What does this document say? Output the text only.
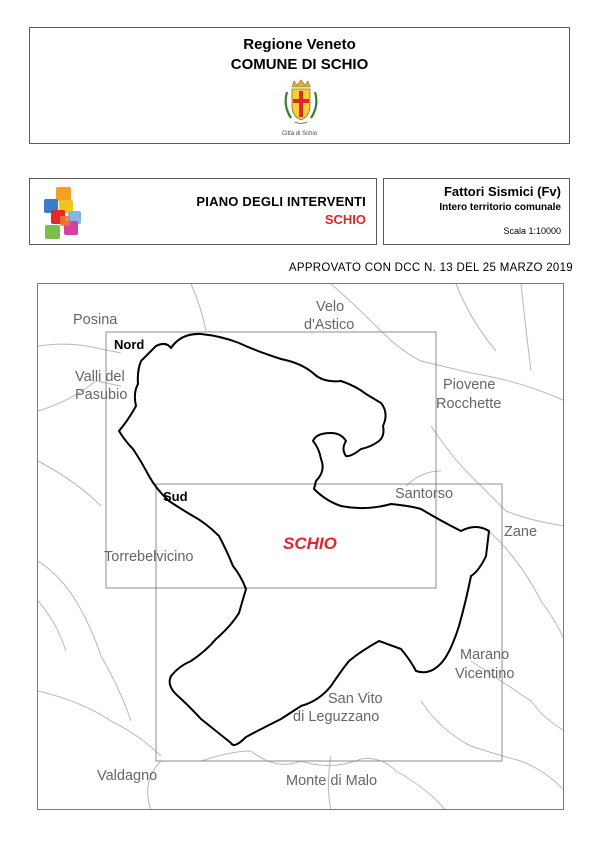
Regione Veneto
COMUNE DI SCHIO
Città di Schio
PIANO DEGLI INTERVENTI
SCHIO
Fattori Sismici (Fv)
Intero territorio comunale
Scala 1:10000
APPROVATO CON DCC N. 13 DEL 25 MARZO 2019
Posina
Velo
d'Astico
Valli del
Pasubio
Piovene
Rocchette
Santorso
Zane
Torrebelvicino
Marano
Vicentino
San Vito
di Leguzzano
Valdagno	Monte di Malo
Nord
Sud
SCHIO
